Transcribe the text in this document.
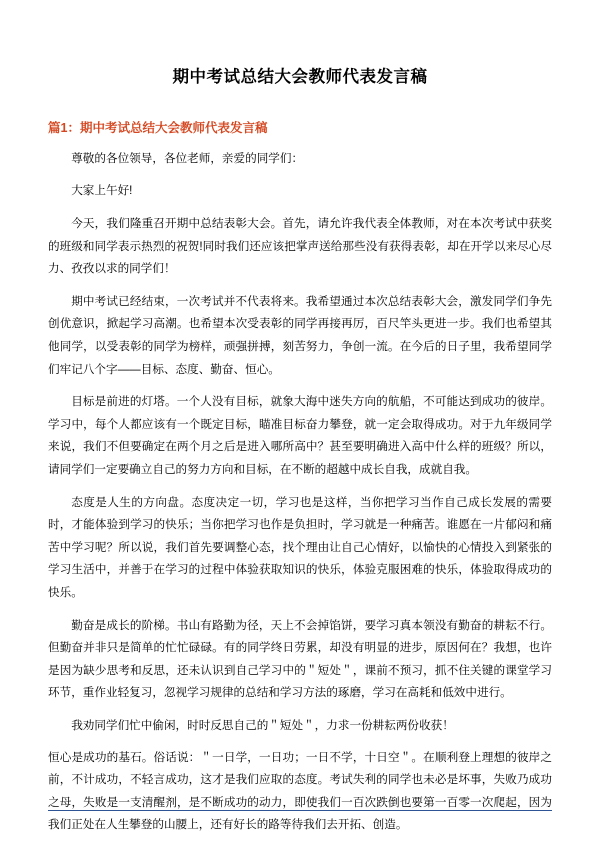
期中考试总结大会教师代表发言稿
篇1：期中考试总结大会教师代表发言稿

尊敬的各位领导，各位老师，亲爱的同学们：

大家上午好!

今天，我们隆重召开期中总结表彰大会。首先，请允许我代表全体教师，对在本次考试中获奖的班级和同学表示热烈的祝贺!同时我们还应该把掌声送给那些没有获得表彰，却在开学以来尽心尽力、孜孜以求的同学们！

期中考试已经结束，一次考试并不代表将来。我希望通过本次总结表彰大会，激发同学们争先创优意识，掀起学习高潮。也希望本次受表彰的同学再接再厉，百尺竿头更进一步。我们也希望其他同学，以受表彰的同学为榜样，顽强拼搏，刻苦努力，争创一流。在今后的日子里，我希望同学们牢记八个字——目标、态度、勤奋、恒心。

目标是前进的灯塔。一个人没有目标，就象大海中迷失方向的航船，不可能达到成功的彼岸。学习中，每个人都应该有一个既定目标，瞄准目标奋力攀登，就一定会取得成功。对于九年级同学来说，我们不但要确定在两个月之后是进入哪所高中？甚至要明确进入高中什么样的班级？所以，请同学们一定要确立自己的努力方向和目标，在不断的超越中成长自我，成就自我。

态度是人生的方向盘。态度决定一切，学习也是这样，当你把学习当作自己成长发展的需要时，才能体验到学习的快乐；当你把学习也作是负担时，学习就是一种痛苦。谁愿在一片郁闷和痛苦中学习呢？所以说，我们首先要调整心态，找个理由让自己心情好，以愉快的心情投入到紧张的学习生活中，并善于在学习的过程中体验获取知识的快乐，体验克服困难的快乐，体验取得成功的快乐。

勤奋是成长的阶梯。书山有路勤为径，天上不会掉馅饼，要学习真本领没有勤奋的耕耘不行。但勤奋并非只是简单的忙忙碌碌。有的同学终日劳累，却没有明显的进步，原因何在？我想，也许是因为缺少思考和反思，还未认识到自己学习中的＂短处＂，课前不预习，抓不住关键的课堂学习环节，重作业轻复习，忽视学习规律的总结和学习方法的琢磨，学习在高耗和低效中进行。

我劝同学们忙中偷闲，时时反思自己的＂短处＂，力求一份耕耘两份收获！

恒心是成功的基石。俗话说：＂一日学，一日功；一日不学，十日空＂。在顺利登上理想的彼岸之前，不计成功，不轻言成功，这才是我们应取的态度。考试失利的同学也未必是坏事，失败乃成功之母，失败是一支清醒剂，是不断成功的动力，即使我们一百次跌倒也要第一百零一次爬起，因为我们正处在人生攀登的山腰上，还有好长的路等待我们去开拓、创造。
